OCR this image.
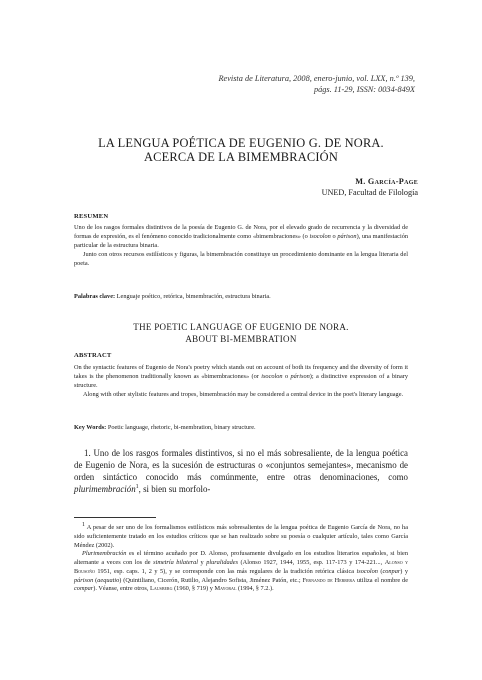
Revista de Literatura, 2008, enero-junio, vol. LXX, n.º 139,
págs. 11-29, ISSN: 0034-849X
LA LENGUA POÉTICA DE EUGENIO G. DE NORA.
ACERCA DE LA BIMEMBRACIÓN
M. García-Page
UNED, Facultad de Filología
RESUMEN

Uno de los rasgos formales distintivos de la poesía de Eugenio G. de Nora, por el elevado grado de recurrencia y la diversidad de formas de expresión, es el fenómeno conocido tradicionalmente como «bimembraciones» (o isocolon o párison), una manifestación particular de la estructura binaria.

Junto con otros recursos estilísticos y figuras, la bimembración constituye un procedimiento dominante en la lengua literaria del poeta.

Palabras clave: Lenguaje poético, retórica, bimembración, estructura binaria.
THE POETIC LANGUAGE OF EUGENIO DE NORA.
ABOUT BI-MEMBRATION
ABSTRACT

On the syntactic features of Eugenio de Nora's poetry which stands out on account of both its frequency and the diversity of form it takes is the phenomenon traditionally known as «bimembraciones» (or isocolon o párison); a distinctive expression of a binary structure.

Along with other stylistic features and tropes, bimembración may be considered a central device in the poet's literary language.

Key Words: Poetic language, rhetoric, bi-membration, binary structure.

1. Uno de los rasgos formales distintivos, si no el más sobresaliente, de la lengua poética de Eugenio de Nora, es la sucesión de estructuras o «conjuntos semejantes», mecanismo de orden sintáctico conocido más comúnmente, entre otras denominaciones, como plurimembración$^1$, si bien su morfolo-

1 A pesar de ser uno de los formalismos estilísticos más sobresalientes de la lengua poética de Eugenio García de Nora, no ha sido suficientemente tratado en los estudios críticos que se han realizado sobre su poesía o cualquier artículo, tales como García Méndez (2002).

Plurimembración es el término acuñado por D. Alonso, profusamente divulgado en los estudios literarios españoles, si bien alternante a veces con los de simetría bilateral y pluralidades (Alonso 1927, 1944, 1955, esp. 117-173 y 174-221..., Alonso y Bousoño 1951, esp. caps. 1, 2 y 5), y se corresponde con las más regulares de la tradición retórica clásica isocolon (conpar) y párison (aequatio) (Quintiliano, Cicerón, Rutilio, Alejandro Sofista, Jiménez Patón, etc.; Fernando de Herrera utiliza el nombre de compar). Véanse, entre otros, Lausberg (1960, § 719) y Mayoral (1994, § 7.2.).
